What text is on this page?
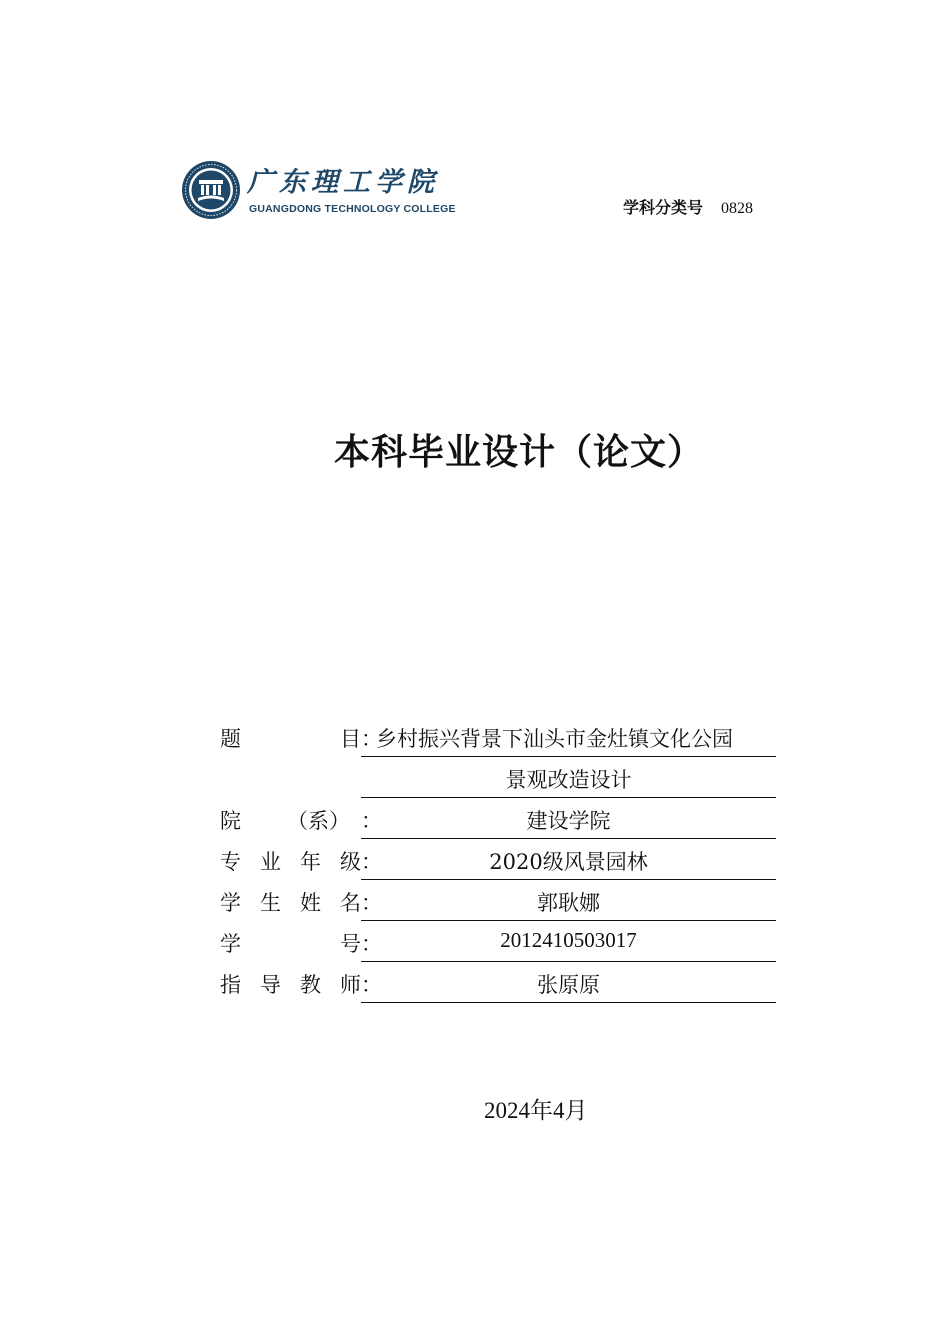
广东理工学院
GUANGDONG TECHNOLOGY COLLEGE	学科分类号 0828
本科毕业设计（论文）
题	目 ：
乡村振兴背景下汕头市金灶镇文化公园
景观改造设计
院 （系） ：	建设学院
专 业 年 级 ：	2020级风景园林
学 生 姓 名 ：	郭耿娜
学	号 ：	2012410503017
指 导 教 师 ：	张原原
2024年4月
